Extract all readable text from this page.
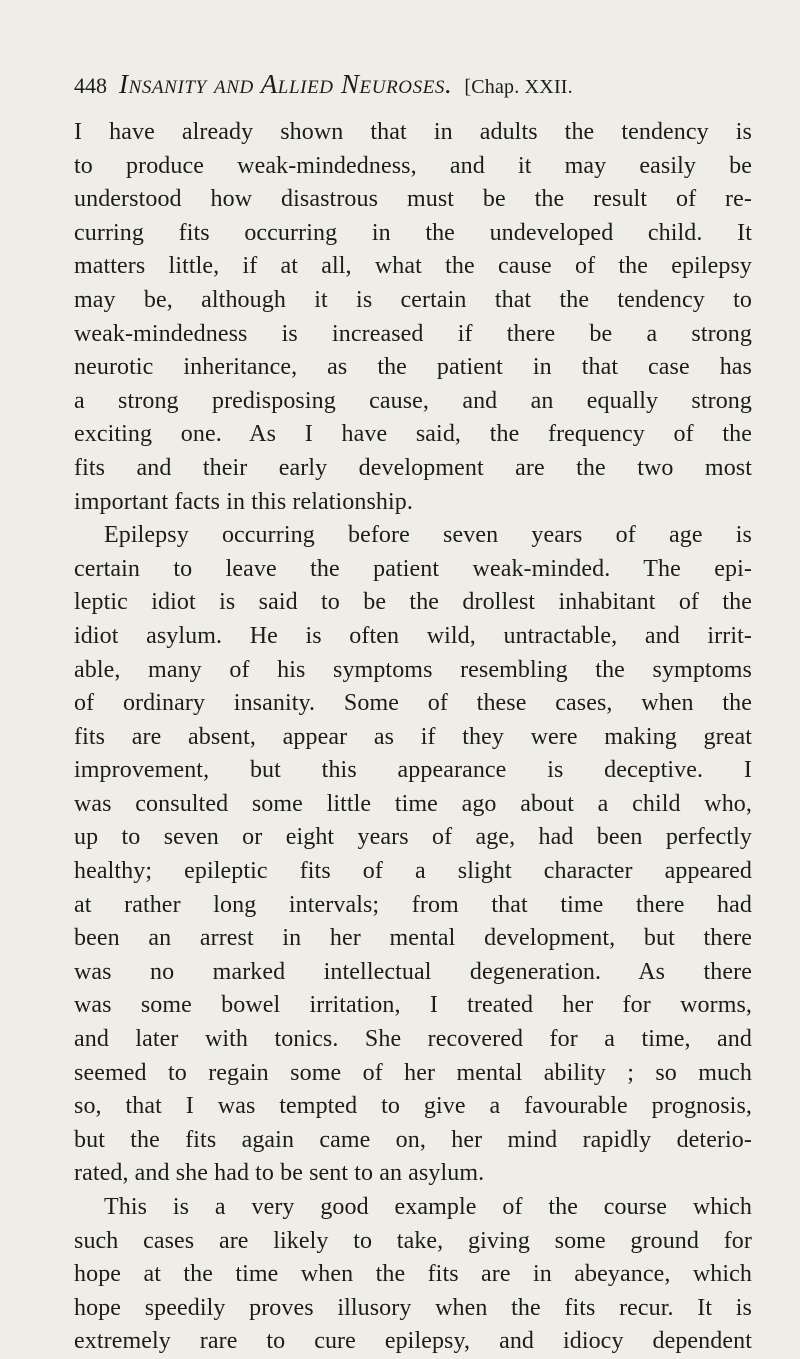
448 Insanity and Allied Neuroses. [Chap. XXII.
I have already shown that in adults the tendency is
to produce weak-mindedness, and it may easily be
understood how disastrous must be the result of re-
curring fits occurring in the undeveloped child. It
matters little, if at all, what the cause of the epilepsy
may be, although it is certain that the tendency to
weak-mindedness is increased if there be a strong
neurotic inheritance, as the patient in that case has
a strong predisposing cause, and an equally strong
exciting one. As I have said, the frequency of the
fits and their early development are the two most
important facts in this relationship.
Epilepsy occurring before seven years of age is
certain to leave the patient weak-minded. The epi-
leptic idiot is said to be the drollest inhabitant of the
idiot asylum. He is often wild, untractable, and irrit-
able, many of his symptoms resembling the symptoms
of ordinary insanity. Some of these cases, when the
fits are absent, appear as if they were making great
improvement, but this appearance is deceptive. I
was consulted some little time ago about a child who,
up to seven or eight years of age, had been perfectly
healthy; epileptic fits of a slight character appeared
at rather long intervals; from that time there had
been an arrest in her mental development, but there
was no marked intellectual degeneration. As there
was some bowel irritation, I treated her for worms,
and later with tonics. She recovered for a time, and
seemed to regain some of her mental ability ; so much
so, that I was tempted to give a favourable prognosis,
but the fits again came on, her mind rapidly deterio-
rated, and she had to be sent to an asylum.
This is a very good example of the course which
such cases are likely to take, giving some ground for
hope at the time when the fits are in abeyance, which
hope speedily proves illusory when the fits recur. It is
extremely rare to cure epilepsy, and idiocy dependent
